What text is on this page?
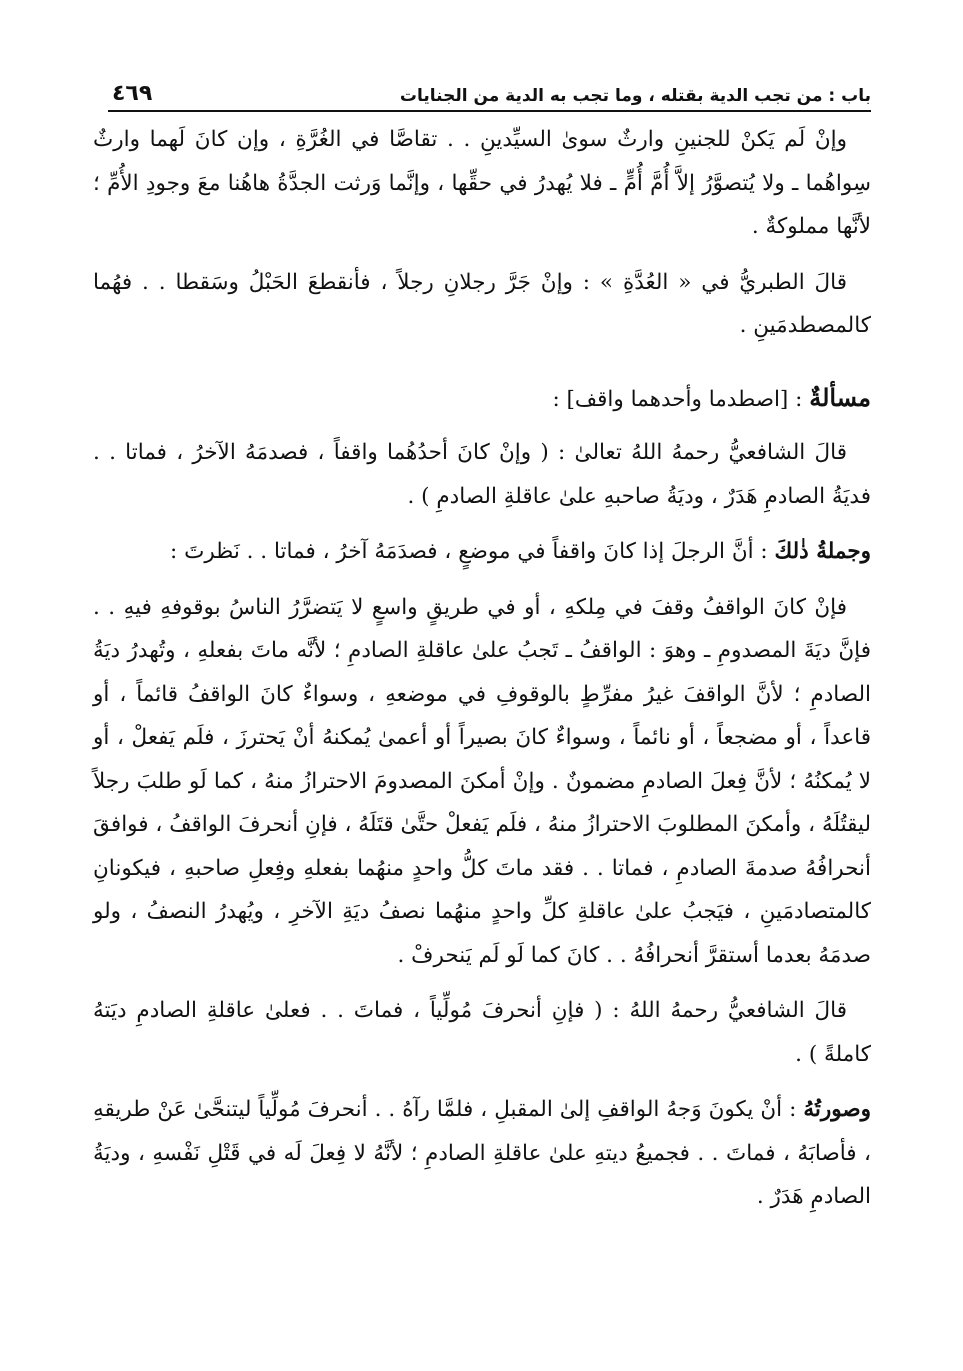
باب : من تجب الدية بقتله ، وما تجب به الدية من الجنايات
٤٦٩

وإنْ لَم يَكنْ للجنينِ وارثٌ سوىٰ السيِّدينِ . . تقاصَّا في الغُرَّةِ ، وإن كانَ لَهما وارثٌ سِواهُما ـ ولا يُتصوَّرُ إلاَّ أُمَّ أُمٍّ ـ فلا يُهدرُ في حقِّها ، وإنَّما وَرثت الجدَّةُ هاهُنا معَ وجودِ الأُمِّ ؛ لأنَّها مملوكةٌ .

قالَ الطبريُّ في « العُدَّةِ » : وإنْ جَرَّ رجلانِ رجلاً ، فأنقطعَ الحَبْلُ وسَقطا . . فهُما كالمصطدمَينِ .

مسألةٌ : [اصطدما وأحدهما واقف] :

قالَ الشافعيُّ رحمهُ اللهُ تعالىٰ : ( وإنْ كانَ أحدُهُما واقفاً ، فصدمَهُ الآخرُ ، فماتا . . فديَةُ الصادمِ هَدَرٌ ، وديَةُ صاحبهِ علىٰ عاقلةِ الصادمِ ) .

وجملةُ ذٰلكَ : أنَّ الرجلَ إذا كانَ واقفاً في موضعٍ ، فصدَمَهُ آخرُ ، فماتا . . نَظرتَ :

فإنْ كانَ الواقفُ وقفَ في مِلكهِ ، أو في طريقٍ واسعٍ لا يَتضرَّرُ الناسُ بوقوفهِ فيهِ . . فإنَّ ديَةَ المصدومِ ـ وهوَ : الواقفُ ـ تَجبُ علىٰ عاقلةِ الصادمِ ؛ لأنَّه ماتَ بفعلهِ ، وتُهدرُ ديَةُ الصادمِ ؛ لأنَّ الواقفَ غيرُ مفرِّطٍ بالوقوفِ في موضعهِ ، وسواءٌ كانَ الواقفُ قائماً ، أو قاعداً ، أو مضجعاً ، أو نائماً ، وسواءٌ كانَ بصيراً أو أعمىٰ يُمكنهُ أنْ يَحترزَ ، فلَم يَفعلْ ، أو لا يُمكنُهُ ؛ لأنَّ فِعلَ الصادمِ مضمونٌ . وإنْ أمكنَ المصدومَ الاحترازُ منهُ ، كما لَو طلبَ رجلاً ليقتُلَهُ ، وأمكنَ المطلوبَ الاحترازُ منهُ ، فلَم يَفعلْ حتَّىٰ قتَلَهُ ، فإنِ أنحرفَ الواقفُ ، فوافقَ أنحرافُهُ صدمةَ الصادمِ ، فماتا . . فقد ماتَ كلُّ واحدٍ منهُما بفعلهِ وفِعلِ صاحبهِ ، فيكونانِ كالمتصادمَينِ ، فيَجبُ علىٰ عاقلةِ كلِّ واحدٍ منهُما نصفُ ديَةِ الآخرِ ، ويُهدرُ النصفُ ، ولو صدمَهُ بعدما أستقرَّ أنحرافُهُ . . كانَ كما لَو لَم يَنحرفْ .

قالَ الشافعيُّ رحمهُ اللهُ : ( فإنِ أنحرفَ مُولِّياً ، فماتَ . . فعلىٰ عاقلةِ الصادمِ ديَتهُ كاملةً ) .

وصورتُهُ : أنْ يكونَ وَجهُ الواقفِ إلىٰ المقبلِ ، فلمَّا رآهُ . . أنحرفَ مُولِّياً ليتنحَّىٰ عَنْ طريقهِ ، فأصابَهُ ، فماتَ . . فجميعُ ديتهِ علىٰ عاقلةِ الصادمِ ؛ لأنَّهُ لا فِعلَ لَه في قَتْلِ نَفْسهِ ، وديَةُ الصادمِ هَدَرٌ .
